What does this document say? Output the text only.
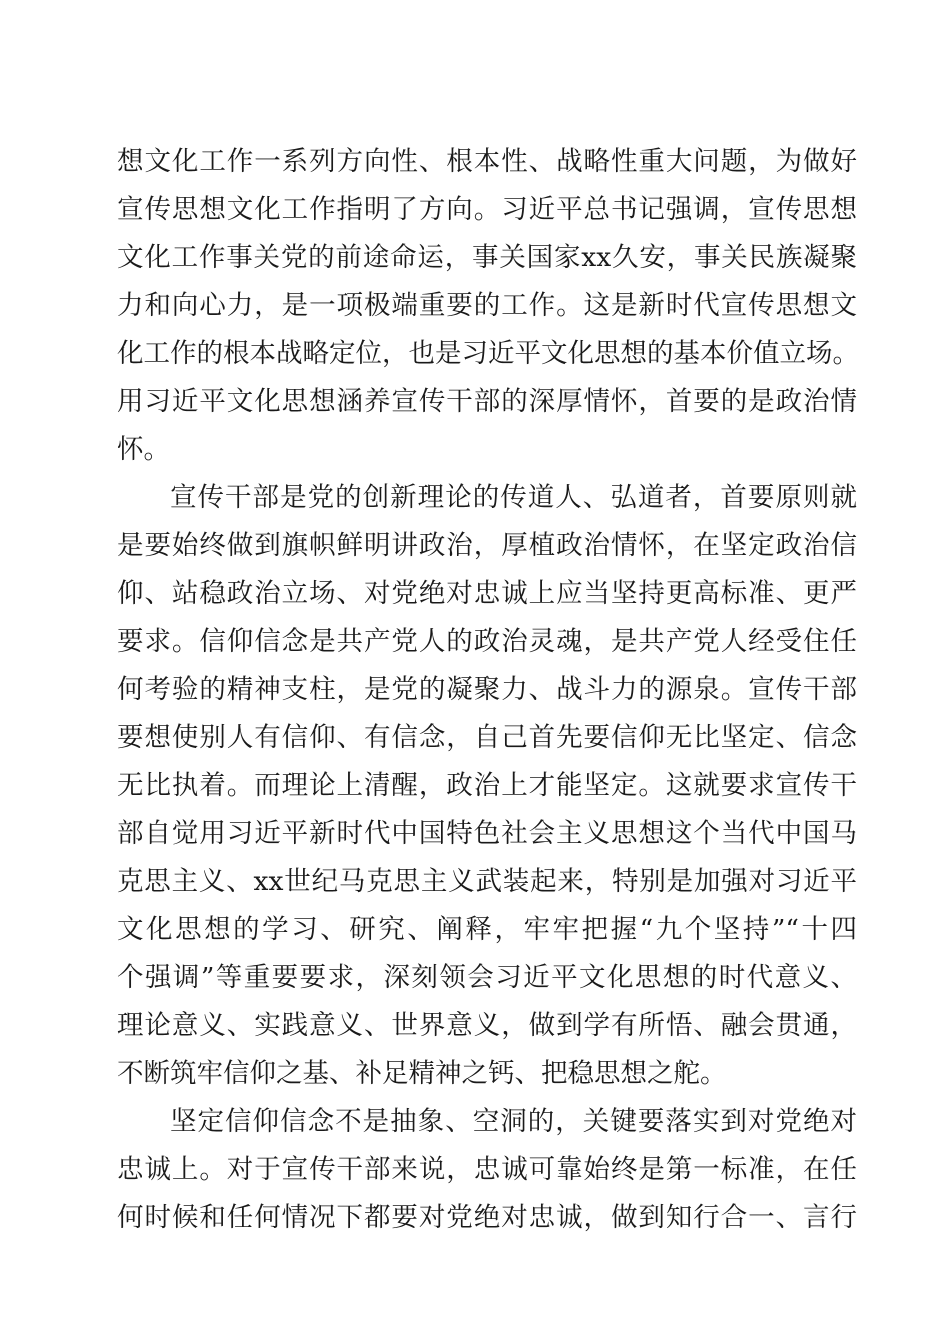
想文化工作一系列方向性、根本性、战略性重大问题，为做好
宣传思想文化工作指明了方向。习近平总书记强调，宣传思想
文化工作事关党的前途命运，事关国家xx久安，事关民族凝聚
力和向心力，是一项极端重要的工作。这是新时代宣传思想文
化工作的根本战略定位，也是习近平文化思想的基本价值立场。
用习近平文化思想涵养宣传干部的深厚情怀，首要的是政治情
怀。
宣传干部是党的创新理论的传道人、弘道者，首要原则就
是要始终做到旗帜鲜明讲政治，厚植政治情怀，在坚定政治信
仰、站稳政治立场、对党绝对忠诚上应当坚持更高标准、更严
要求。信仰信念是共产党人的政治灵魂，是共产党人经受住任
何考验的精神支柱，是党的凝聚力、战斗力的源泉。宣传干部
要想使别人有信仰、有信念，自己首先要信仰无比坚定、信念
无比执着。而理论上清醒，政治上才能坚定。这就要求宣传干
部自觉用习近平新时代中国特色社会主义思想这个当代中国马
克思主义、xx世纪马克思主义武装起来，特别是加强对习近平
文化思想的学习、研究、阐释，牢牢把握“九个坚持”“十四
个强调”等重要要求，深刻领会习近平文化思想的时代意义、
理论意义、实践意义、世界意义，做到学有所悟、融会贯通，
不断筑牢信仰之基、补足精神之钙、把稳思想之舵。
坚定信仰信念不是抽象、空洞的，关键要落实到对党绝对
忠诚上。对于宣传干部来说，忠诚可靠始终是第一标准，在任
何时候和任何情况下都要对党绝对忠诚，做到知行合一、言行
